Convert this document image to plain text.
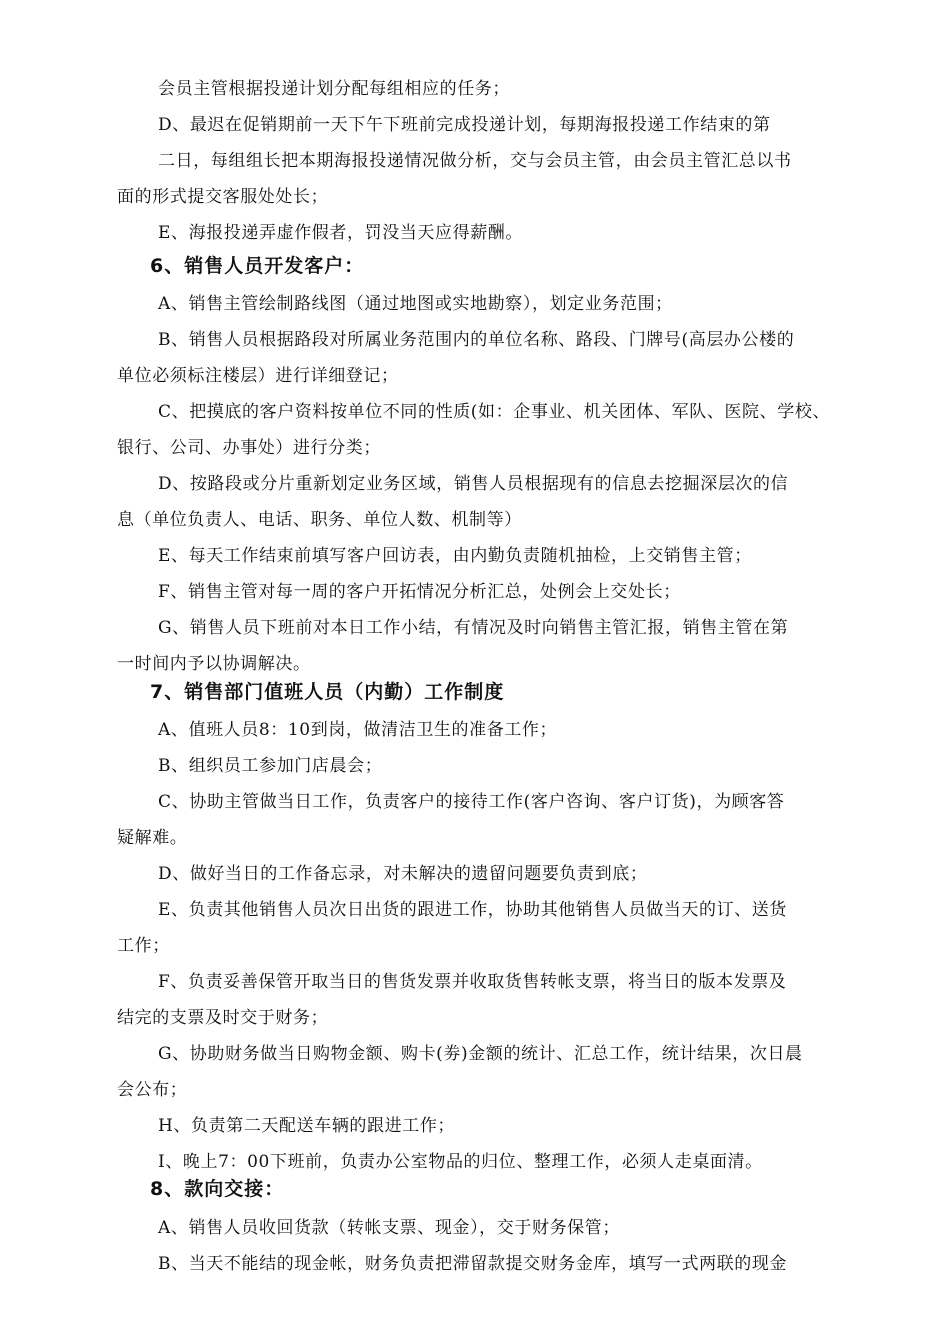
会员主管根据投递计划分配每组相应的任务；
D、最迟在促销期前一天下午下班前完成投递计划，每期海报投递工作结束的第
二日，每组组长把本期海报投递情况做分析，交与会员主管，由会员主管汇总以书
面的形式提交客服处处长；
E、海报投递弄虚作假者，罚没当天应得薪酬。
6、销售人员开发客户：
A、销售主管绘制路线图（通过地图或实地勘察），划定业务范围；
B、销售人员根据路段对所属业务范围内的单位名称、路段、门牌号(高层办公楼的
单位必须标注楼层）进行详细登记；
C、把摸底的客户资料按单位不同的性质(如：企事业、机关团体、军队、医院、学校、
银行、公司、办事处）进行分类；
D、按路段或分片重新划定业务区域，销售人员根据现有的信息去挖掘深层次的信
息（单位负责人、电话、职务、单位人数、机制等）
E、每天工作结束前填写客户回访表，由内勤负责随机抽检，上交销售主管；
F、销售主管对每一周的客户开拓情况分析汇总，处例会上交处长；
G、销售人员下班前对本日工作小结，有情况及时向销售主管汇报，销售主管在第
一时间内予以协调解决。
7、销售部门值班人员（内勤）工作制度
A、值班人员8：10到岗，做清洁卫生的准备工作；
B、组织员工参加门店晨会；
C、协助主管做当日工作，负责客户的接待工作(客户咨询、客户订货)，为顾客答
疑解难。
D、做好当日的工作备忘录，对未解决的遗留问题要负责到底；
E、负责其他销售人员次日出货的跟进工作，协助其他销售人员做当天的订、送货
工作；
F、负责妥善保管开取当日的售货发票并收取货售转帐支票，将当日的版本发票及
结完的支票及时交于财务；
G、协助财务做当日购物金额、购卡(劵)金额的统计、汇总工作，统计结果，次日晨
会公布；
H、负责第二天配送车辆的跟进工作；
I、晚上7：00下班前，负责办公室物品的归位、整理工作，必须人走桌面清。
8、款向交接：
A、销售人员收回货款（转帐支票、现金），交于财务保管；
B、当天不能结的现金帐，财务负责把滞留款提交财务金库，填写一式两联的现金
